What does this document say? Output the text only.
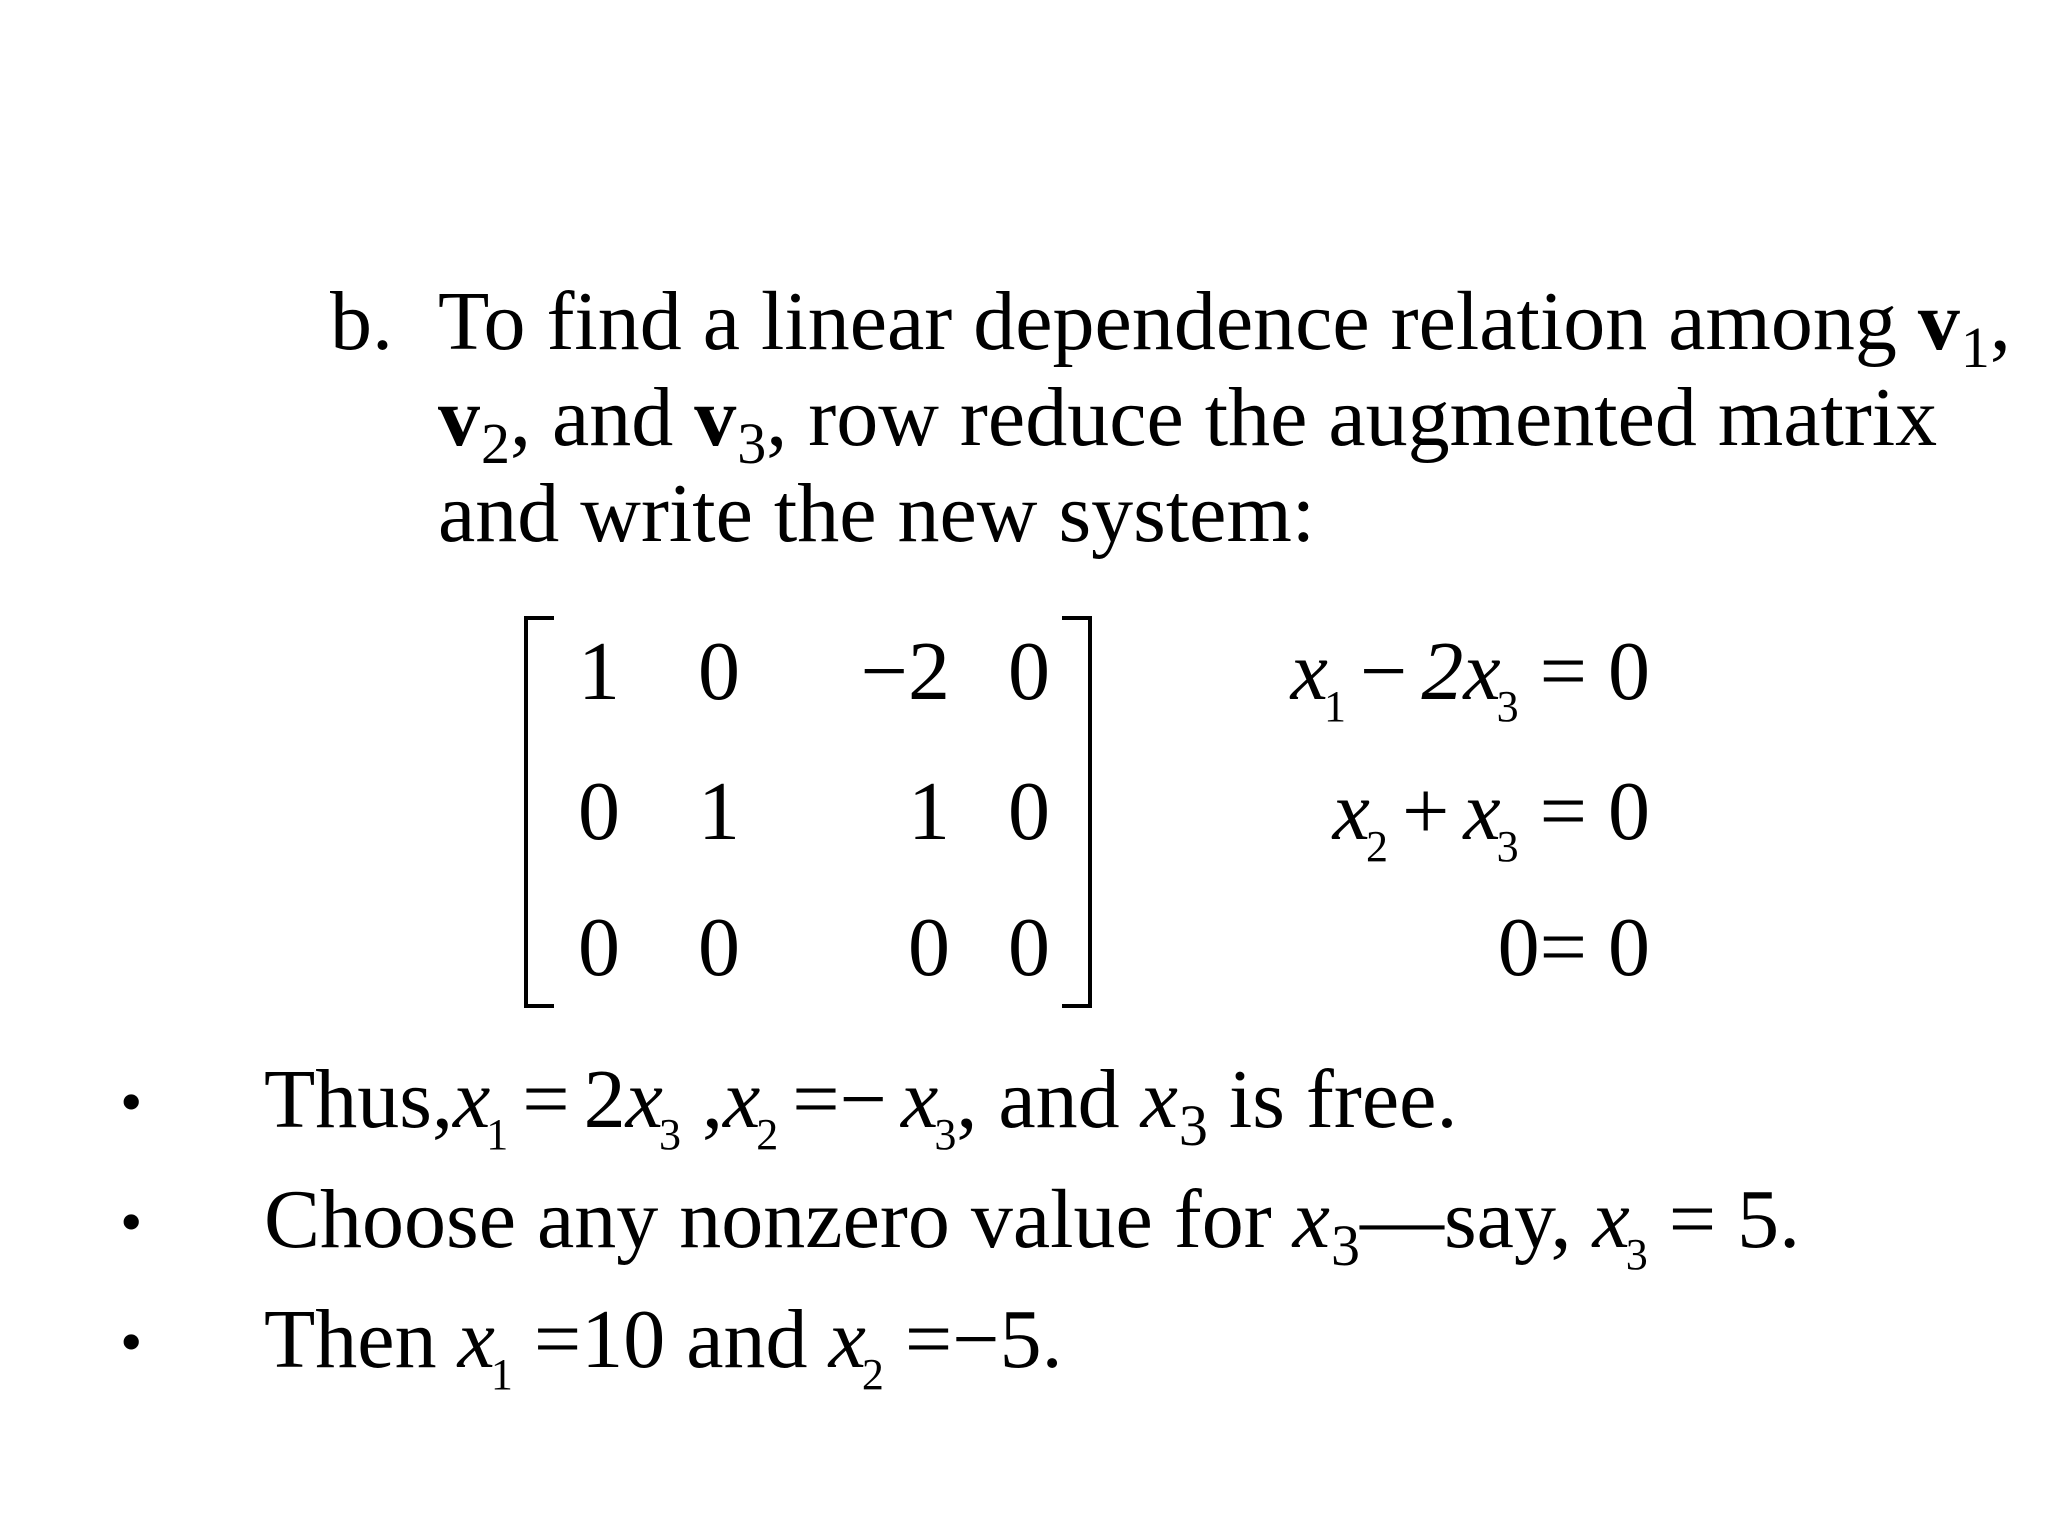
b. To find a linear dependence relation among $v_1$,
$v_2$, and $v_3$, row reduce the augmented matrix
and write the new system:
1 0 −2 0
0 1	1 0
0 0	0 0
$x_1 - 2x_3 = 0$
$x_2 + x_3 = 0$
0= 0
• $Thus,x_1 = 2x_3$ $,x_2 =- x_3$, and $x_3$ is free.
• Choose any nonzero value for $x_3—say$, $x_3 = 5$.
• Then $x_1 =10$ and $x_2 =-5$.
